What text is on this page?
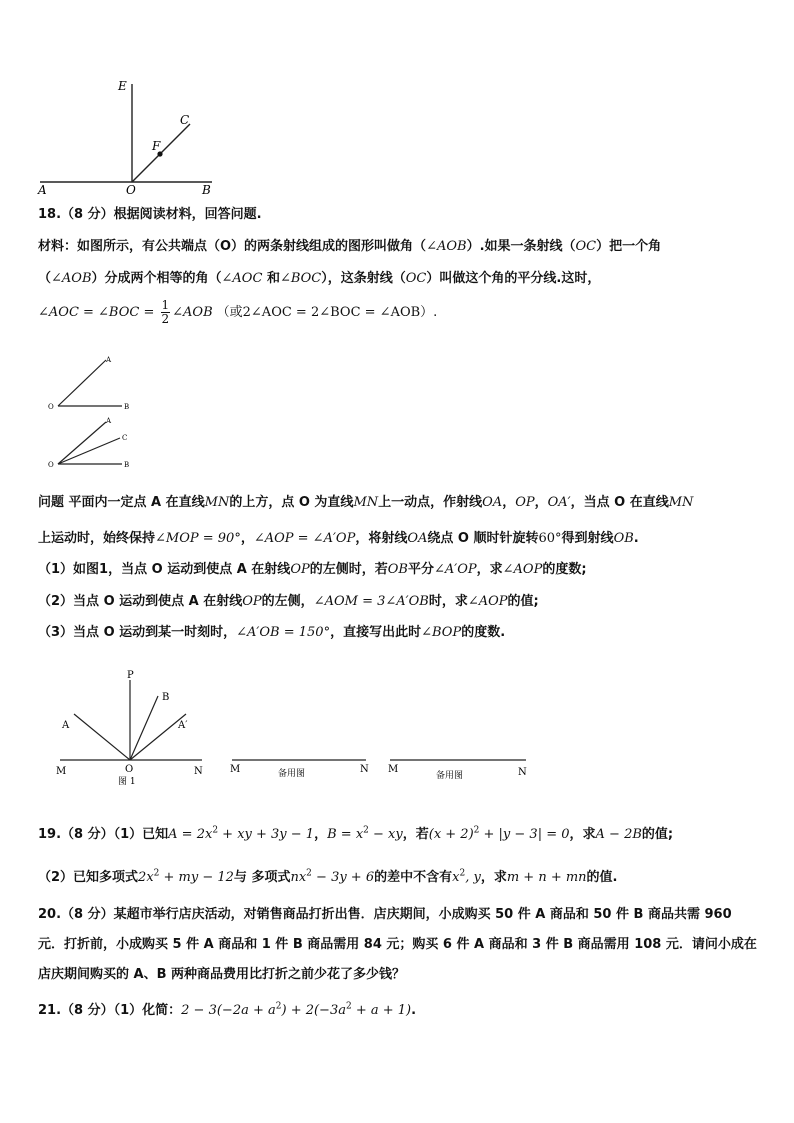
E
C
F
A	O	B
18.（8 分）根据阅读材料，回答问题.
材料：如图所示，有公共端点（O）的两条射线组成的图形叫做角（∠AOB）.如果一条射线（OC）把一个角
（∠AOB）分成两个相等的角（∠AOC 和∠BOC），这条射线（OC）叫做这个角的平分线.这时，
∠AOC = ∠BOC = $\frac{1}{2}$ ∠AOB （或2∠AOC = 2∠BOC = ∠AOB）.
A
O	B
A
C
O	B
问题 平面内一定点 A 在直线MN的上方，点 O 为直线MN上一动点，作射线OA，OP，OA′，当点 O 在直线MN
上运动时，始终保持∠MOP = 90°，∠AOP = ∠A′OP，将射线OA绕点 O 顺时针旋转60°得到射线OB.
（1）如图1，当点 O 运动到使点 A 在射线OP的左侧时，若OB平分∠A′OP，求∠AOP的度数;
（2）当点 O 运动到使点 A 在射线OP的左侧，∠AOM = 3∠A′OB时，求∠AOP的值;
（3）当点 O 运动到某一时刻时，∠A′OB = 150°，直接写出此时∠BOP的度数.
P
B
A	A′
M	O	N
图 1
M	N
备用图	M	N
备用图
19.（8 分）（1）已知$A = 2x^2$ + xy + 3y − 1，$B = x^2$ − xy，若$(x + 2)^2 + |y - 3| = 0$，求A − 2B的值;
（2）已知多项式$2x^2$ + my − 12与 多项式$nx^2 - 3y + 6$的差中不含有$x^2$, y，求m + n + mn的值.
20.（8 分）某超市举行店庆活动，对销售商品打折出售．店庆期间，小成购买 50 件 A 商品和 50 件 B 商品共需 960
元．打折前，小成购买 5 件 A 商品和 1 件 B 商品需用 84 元；购买 6 件 A 商品和 3 件 B 商品需用 108 元．请问小成在
店庆期间购买的 A、B 两种商品费用比打折之前少花了多少钱？
21.（8 分）（1）化简：$2 - 3(-2a + a^2) + 2(-3a^2 + a + 1)$.
